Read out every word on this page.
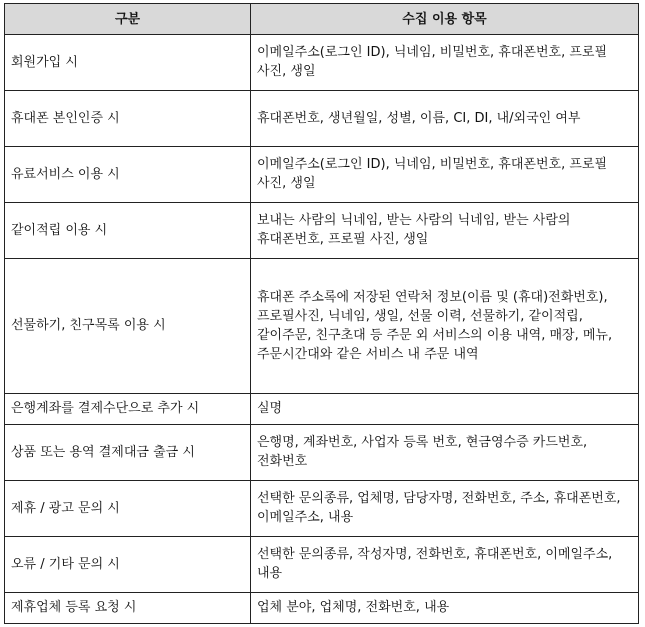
구분	수집 이용 항목
회원가입 시	이메일주소(로그인 ID), 닉네임, 비밀번호, 휴대폰번호, 프로필 사진, 생일
휴대폰 본인인증 시	휴대폰번호, 생년월일, 성별, 이름, CI, DI, 내/외국인 여부
유료서비스 이용 시	이메일주소(로그인 ID), 닉네임, 비밀번호, 휴대폰번호, 프로필 사진, 생일
같이적립 이용 시	보내는 사람의 닉네임, 받는 사람의 닉네임, 받는 사람의 휴대폰번호, 프로필 사진, 생일
선물하기, 친구목록 이용 시	휴대폰 주소록에 저장된 연락처 정보(이름 및 (휴대)전화번호), 프로필사진, 닉네임, 생일, 선물 이력, 선물하기, 같이적립, 같이주문, 친구초대 등 주문 외 서비스의 이용 내역, 매장, 메뉴, 주문시간대와 같은 서비스 내 주문 내역
은행계좌를 결제수단으로 추가 시	실명
상품 또는 용역 결제대금 출금 시	은행명, 계좌번호, 사업자 등록 번호, 현금영수증 카드번호, 전화번호
제휴 / 광고 문의 시	선택한 문의종류, 업체명, 담당자명, 전화번호, 주소, 휴대폰번호, 이메일주소, 내용
오류 / 기타 문의 시	선택한 문의종류, 작성자명, 전화번호, 휴대폰번호, 이메일주소, 내용
제휴업체 등록 요청 시	업체 분야, 업체명, 전화번호, 내용
